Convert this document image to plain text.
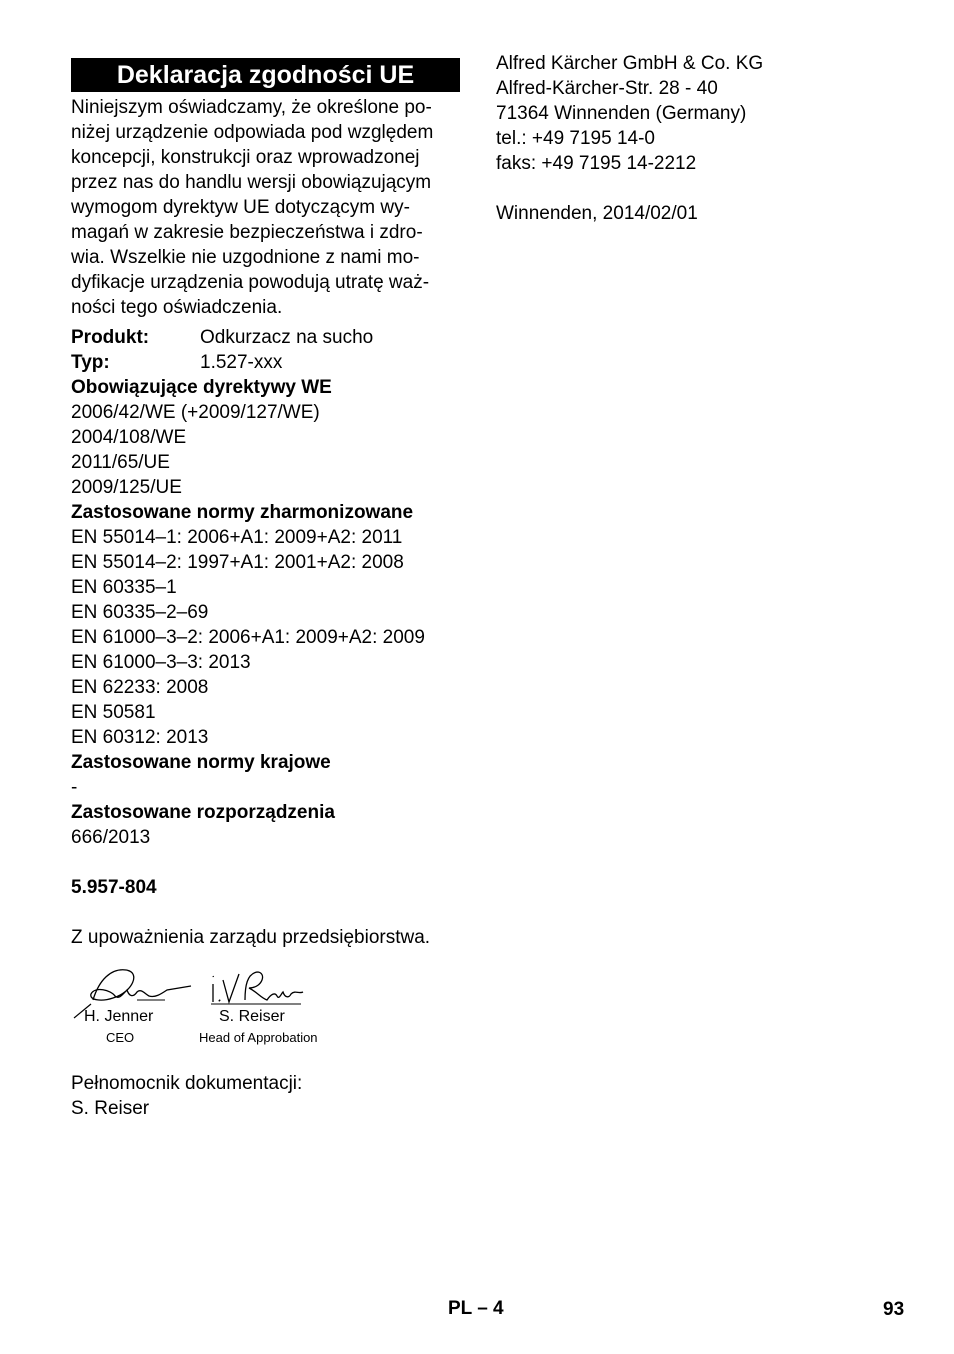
Deklaracja zgodności UE
Niniejszym oświadczamy, że określone po-
niżej urządzenie odpowiada pod względem
koncepcji, konstrukcji oraz wprowadzonej
przez nas do handlu wersji obowiązującym
wymogom dyrektyw UE dotyczącym wy-
magań w zakresie bezpieczeństwa i zdro-
wia. Wszelkie nie uzgodnione z nami mo-
dyfikacje urządzenia powodują utratę waż-
ności tego oświadczenia.
Produkt:	Odkurzacz na sucho
Typ:	1.527-xxx
Obowiązujące dyrektywy WE
2006/42/WE (+2009/127/WE)
2004/108/WE
2011/65/UE
2009/125/UE
Zastosowane normy zharmonizowane
EN 55014–1: 2006+A1: 2009+A2: 2011
EN 55014–2: 1997+A1: 2001+A2: 2008
EN 60335–1
EN 60335–2–69
EN 61000–3–2: 2006+A1: 2009+A2: 2009
EN 61000–3–3: 2013
EN 62233: 2008
EN 50581
EN 60312: 2013
Zastosowane normy krajowe
-
Zastosowane rozporządzenia
666/2013
5.957-804
Z upoważnienia zarządu przedsiębiorstwa.
H. Jenner
CEO
S. Reiser
Head of Approbation
Pełnomocnik dokumentacji:
S. Reiser
Alfred Kärcher GmbH & Co. KG
Alfred-Kärcher-Str. 28 - 40
71364 Winnenden (Germany)
tel.: +49 7195 14-0
faks: +49 7195 14-2212
Winnenden, 2014/02/01
PL – 4	93
